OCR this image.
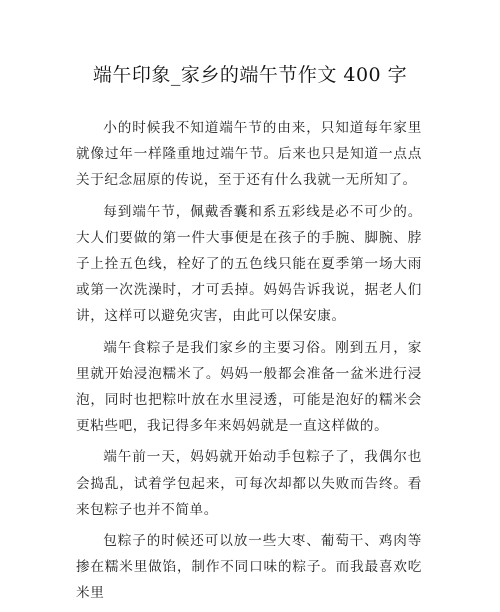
端午印象_家乡的端午节作文 400 字

小的时候我不知道端午节的由来，只知道每年家里就像过年一样隆重地过端午节。后来也只是知道一点点关于纪念屈原的传说，至于还有什么我就一无所知了。

每到端午节，佩戴香囊和系五彩线是必不可少的。大人们要做的第一件大事便是在孩子的手腕、脚腕、脖子上拴五色线，栓好了的五色线只能在夏季第一场大雨或第一次洗澡时，才可丢掉。妈妈告诉我说，据老人们讲，这样可以避免灾害，由此可以保安康。

端午食粽子是我们家乡的主要习俗。刚到五月，家里就开始浸泡糯米了。妈妈一般都会准备一盆米进行浸泡，同时也把粽叶放在水里浸透，可能是泡好的糯米会更粘些吧，我记得多年来妈妈就是一直这样做的。

端午前一天，妈妈就开始动手包粽子了，我偶尔也会捣乱，试着学包起来，可每次却都以失败而告终。看来包粽子也并不简单。

包粽子的时候还可以放一些大枣、葡萄干、鸡肉等掺在糯米里做馅，制作不同口味的粽子。而我最喜欢吃米里
